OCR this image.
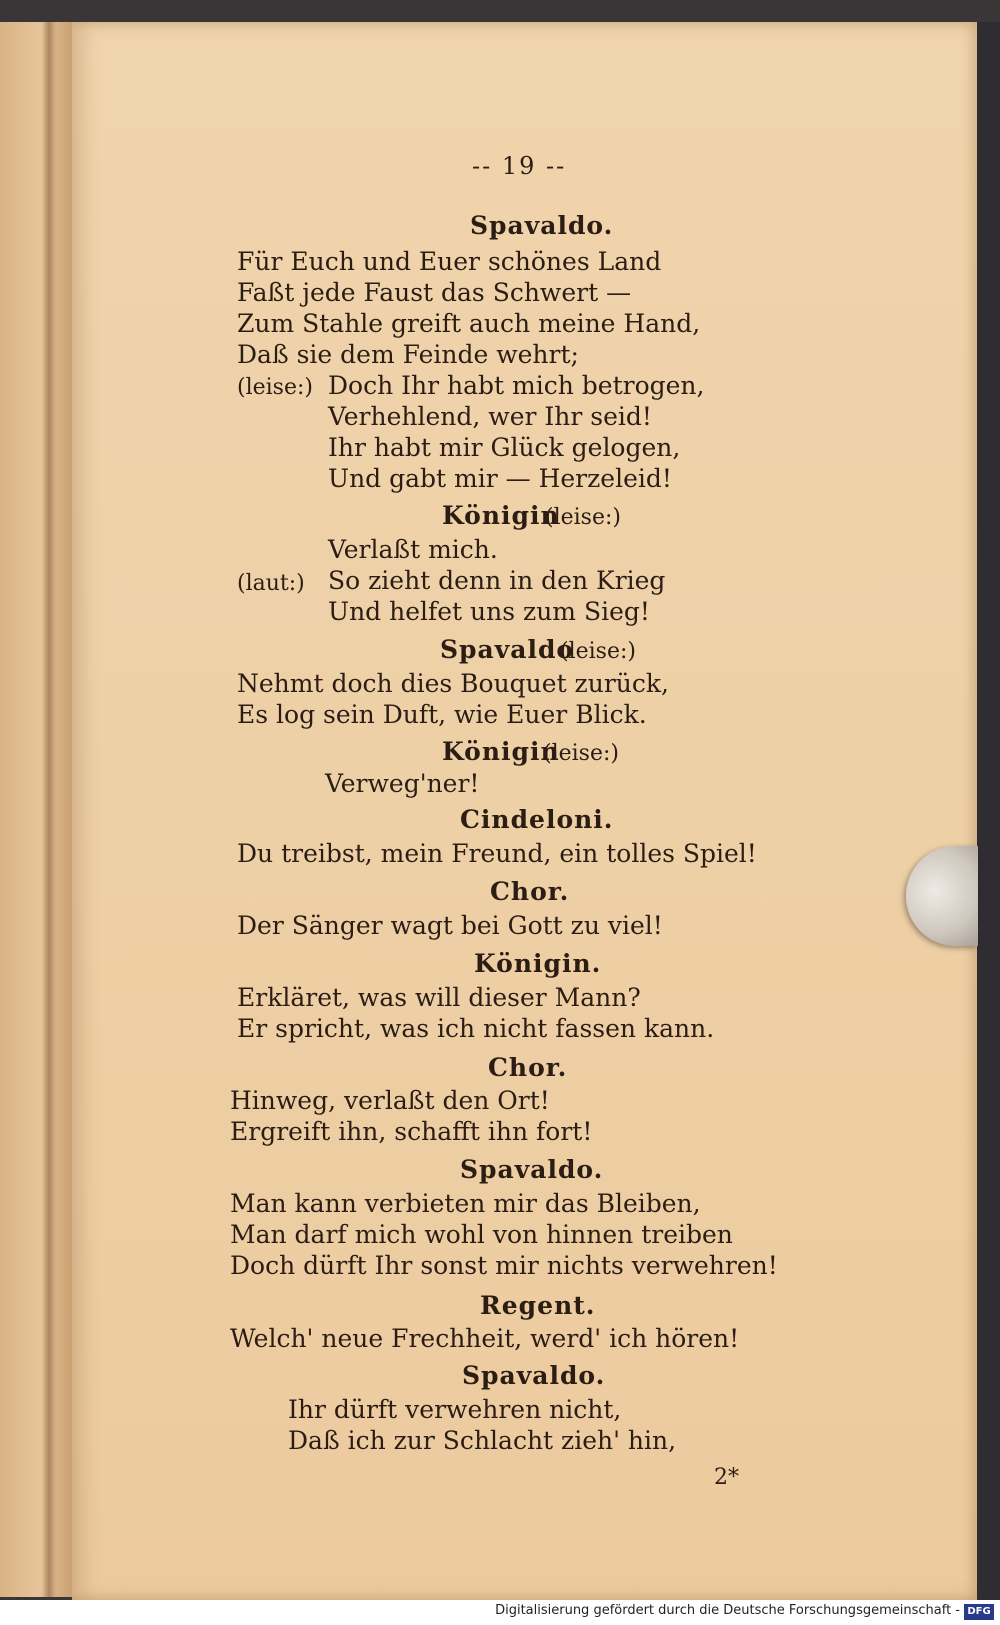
-- 19 --
Spavaldo.
Für Euch und Euer schönes Land
Faßt jede Faust das Schwert —
Zum Stahle greift auch meine Hand,
Daß sie dem Feinde wehrt;
(leise:) Doch Ihr habt mich betrogen,
Verhehlend, wer Ihr seid!
Ihr habt mir Glück gelogen,
Und gabt mir — Herzeleid!
Königin
(leise:)
Verlaßt mich.
(laut:) So zieht denn in den Krieg
Und helfet uns zum Sieg!
Spavaldo
(leise:)
Nehmt doch dies Bouquet zurück,
Es log sein Duft, wie Euer Blick.
Königin
(leise:)
Verweg'ner!
Cindeloni.
Du treibst, mein Freund, ein tolles Spiel!
Chor.
Der Sänger wagt bei Gott zu viel!
Königin.
Erkläret, was will dieser Mann?
Er spricht, was ich nicht fassen kann.
Chor.
Hinweg, verlaßt den Ort!
Ergreift ihn, schafft ihn fort!
Spavaldo.
Man kann verbieten mir das Bleiben,
Man darf mich wohl von hinnen treiben
Doch dürft Ihr sonst mir nichts verwehren!
Regent.
Welch' neue Frechheit, werd' ich hören!
Spavaldo.
Ihr dürft verwehren nicht,
Daß ich zur Schlacht zieh' hin,
2*
Digitalisierung gefördert durch die Deutsche Forschungsgemeinschaft - DFG
